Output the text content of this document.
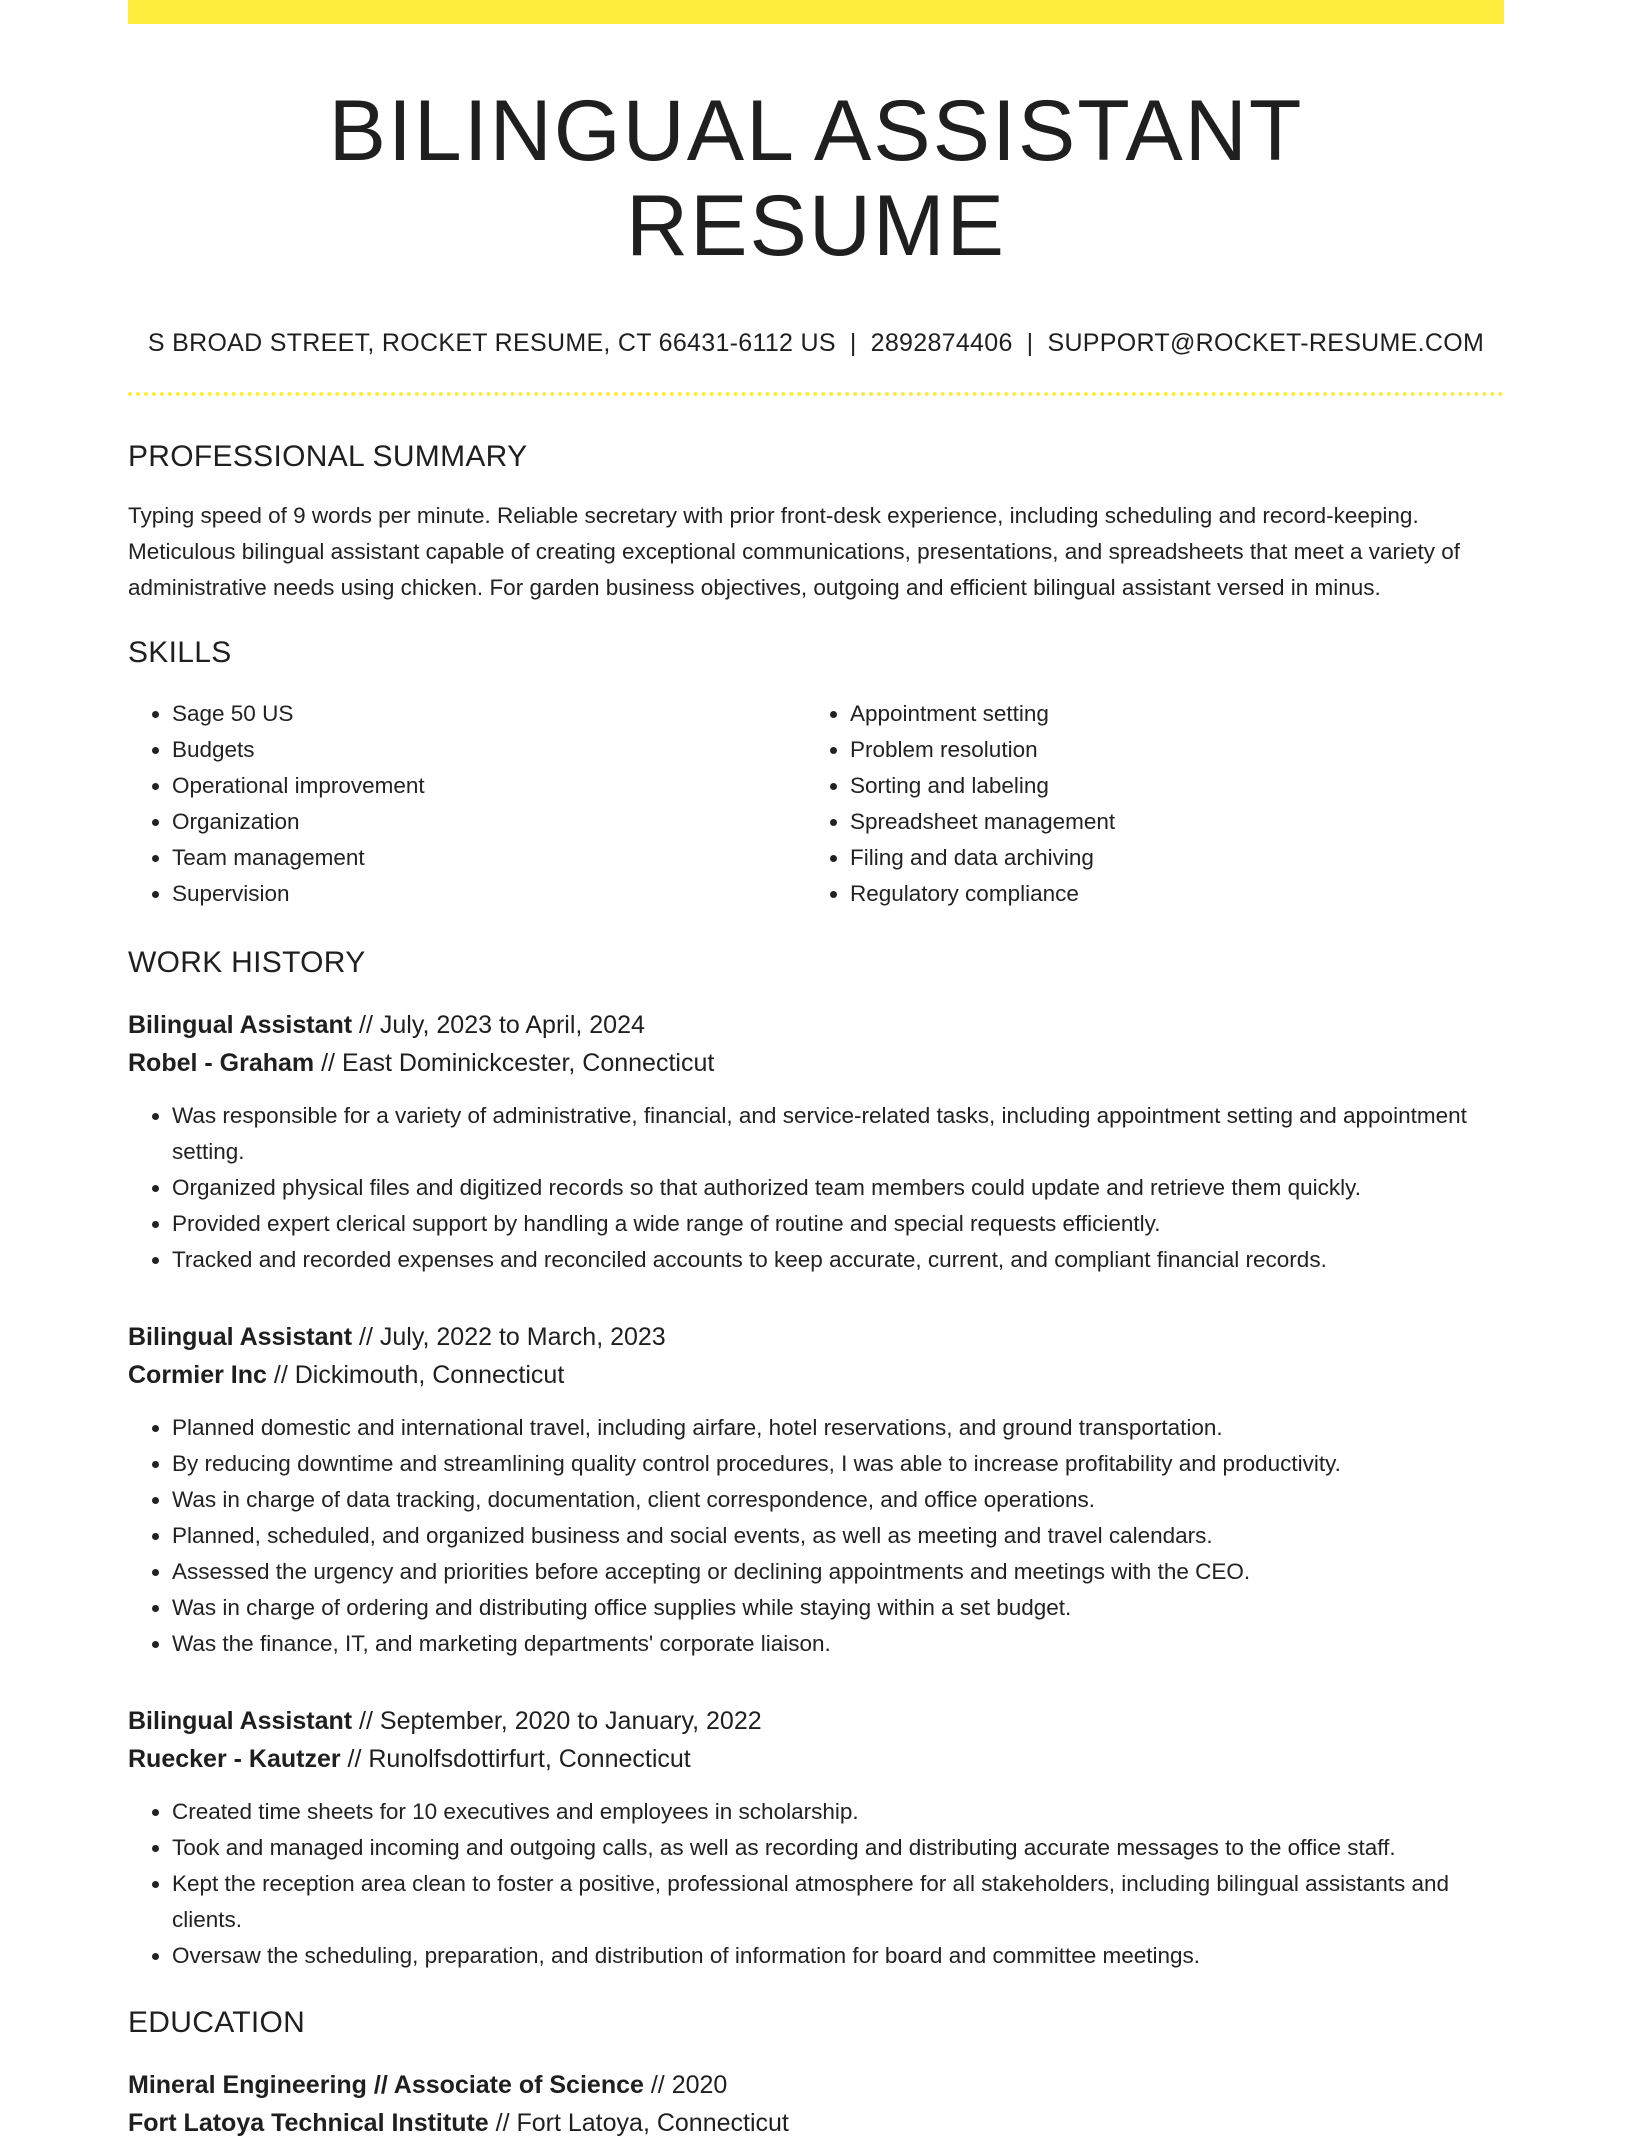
BILINGUAL ASSISTANT RESUME
S BROAD STREET, ROCKET RESUME, CT 66431-6112 US | 2892874406 | SUPPORT@ROCKET-RESUME.COM
PROFESSIONAL SUMMARY
Typing speed of 9 words per minute. Reliable secretary with prior front-desk experience, including scheduling and record-keeping. Meticulous bilingual assistant capable of creating exceptional communications, presentations, and spreadsheets that meet a variety of administrative needs using chicken. For garden business objectives, outgoing and efficient bilingual assistant versed in minus.
SKILLS
• Sage 50 US
• Budgets
• Operational improvement
• Organization
• Team management
• Supervision
• Appointment setting
• Problem resolution
• Sorting and labeling
• Spreadsheet management
• Filing and data archiving
• Regulatory compliance
WORK HISTORY
Bilingual Assistant // July, 2023 to April, 2024
Robel - Graham // East Dominickcester, Connecticut
• Was responsible for a variety of administrative, financial, and service-related tasks, including appointment setting and appointment setting.
• Organized physical files and digitized records so that authorized team members could update and retrieve them quickly.
• Provided expert clerical support by handling a wide range of routine and special requests efficiently.
• Tracked and recorded expenses and reconciled accounts to keep accurate, current, and compliant financial records.
Bilingual Assistant // July, 2022 to March, 2023
Cormier Inc // Dickimouth, Connecticut
• Planned domestic and international travel, including airfare, hotel reservations, and ground transportation.
• By reducing downtime and streamlining quality control procedures, I was able to increase profitability and productivity.
• Was in charge of data tracking, documentation, client correspondence, and office operations.
• Planned, scheduled, and organized business and social events, as well as meeting and travel calendars.
• Assessed the urgency and priorities before accepting or declining appointments and meetings with the CEO.
• Was in charge of ordering and distributing office supplies while staying within a set budget.
• Was the finance, IT, and marketing departments' corporate liaison.
Bilingual Assistant // September, 2020 to January, 2022
Ruecker - Kautzer // Runolfsdottirfurt, Connecticut
• Created time sheets for 10 executives and employees in scholarship.
• Took and managed incoming and outgoing calls, as well as recording and distributing accurate messages to the office staff.
• Kept the reception area clean to foster a positive, professional atmosphere for all stakeholders, including bilingual assistants and clients.
• Oversaw the scheduling, preparation, and distribution of information for board and committee meetings.
EDUCATION
Mineral Engineering // Associate of Science // 2020
Fort Latoya Technical Institute // Fort Latoya, Connecticut
